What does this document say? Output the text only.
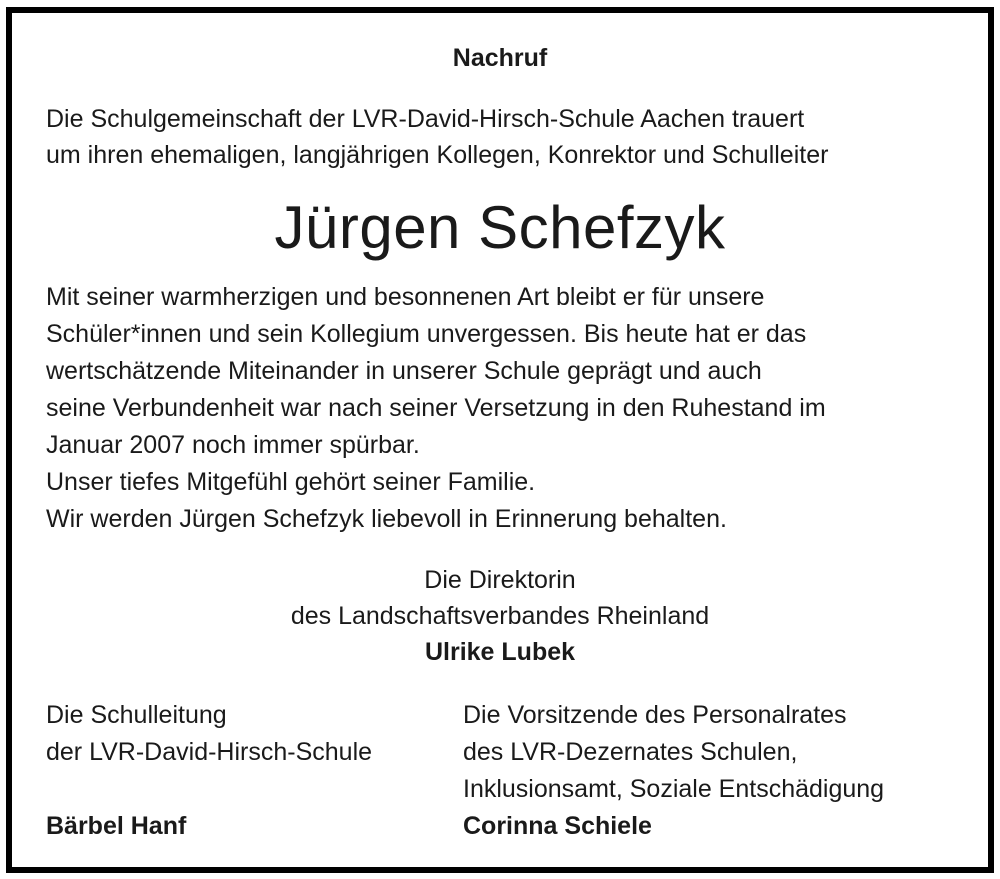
Nachruf
Die Schulgemeinschaft der LVR-David-Hirsch-Schule Aachen trauert
um ihren ehemaligen, langjährigen Kollegen, Konrektor und Schulleiter
Jürgen Schefzyk
Mit seiner warmherzigen und besonnenen Art bleibt er für unsere
Schüler*innen und sein Kollegium unvergessen. Bis heute hat er das
wertschätzende Miteinander in unserer Schule geprägt und auch
seine Verbundenheit war nach seiner Versetzung in den Ruhestand im
Januar 2007 noch immer spürbar.
Unser tiefes Mitgefühl gehört seiner Familie.
Wir werden Jürgen Schefzyk liebevoll in Erinnerung behalten.
Die Direktorin
des Landschaftsverbandes Rheinland
Ulrike Lubek
Die Schulleitung
der LVR-David-Hirsch-Schule
Die Vorsitzende des Personalrates
des LVR-Dezernates Schulen,
Inklusionsamt, Soziale Entschädigung
Bärbel Hanf	Corinna Schiele
